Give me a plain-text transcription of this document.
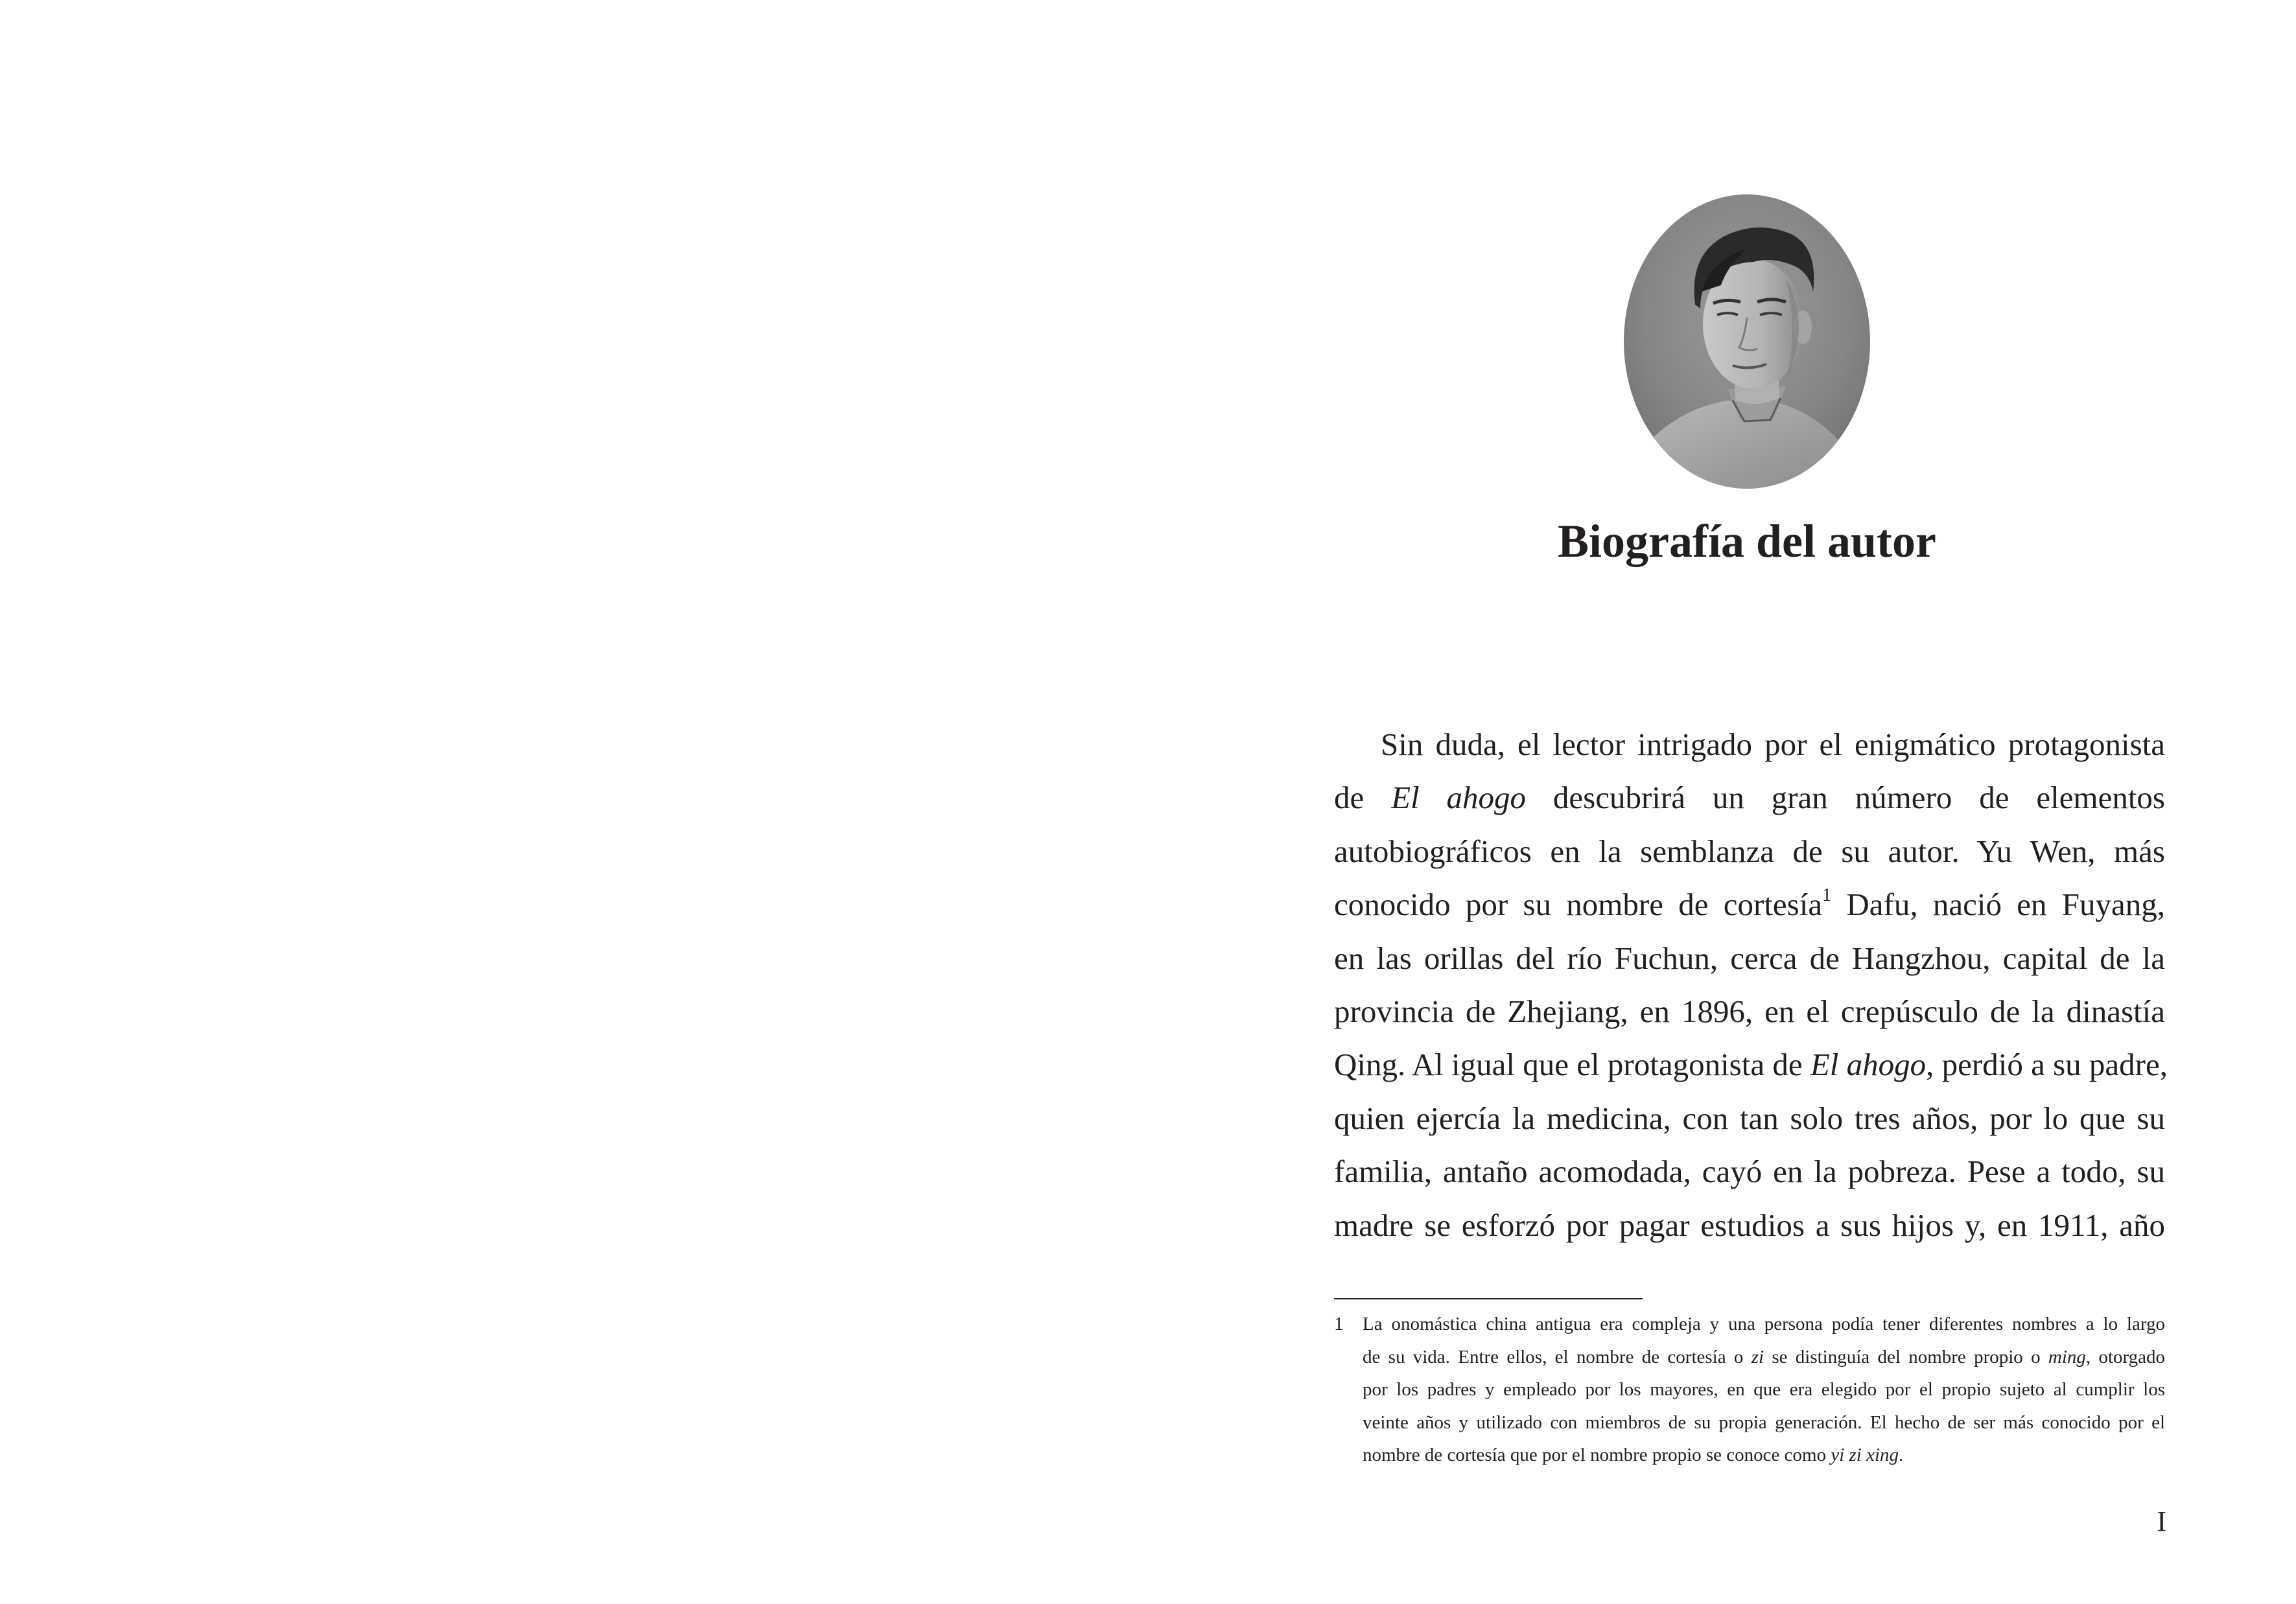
Biografía del autor
Sin duda, el lector intrigado por el enigmático protagonista
de El ahogo descubrirá un gran número de elementos
autobiográficos en la semblanza de su autor. Yu Wen, más
conocido por su nombre de cortesía$^1$ Dafu, nació en Fuyang,
en las orillas del río Fuchun, cerca de Hangzhou, capital de la
provincia de Zhejiang, en 1896, en el crepúsculo de la dinastía
Qing. Al igual que el protagonista de El ahogo, perdió a su padre,
quien ejercía la medicina, con tan solo tres años, por lo que su
familia, antaño acomodada, cayó en la pobreza. Pese a todo, su
madre se esforzó por pagar estudios a sus hijos y, en 1911, año
1 La onomástica china antigua era compleja y una persona podía tener diferentes nombres a lo largo
de su vida. Entre ellos, el nombre de cortesía o zi se distinguía del nombre propio o ming, otorgado
por los padres y empleado por los mayores, en que era elegido por el propio sujeto al cumplir los
veinte años y utilizado con miembros de su propia generación. El hecho de ser más conocido por el
nombre de cortesía que por el nombre propio se conoce como yi zi xing.
I
